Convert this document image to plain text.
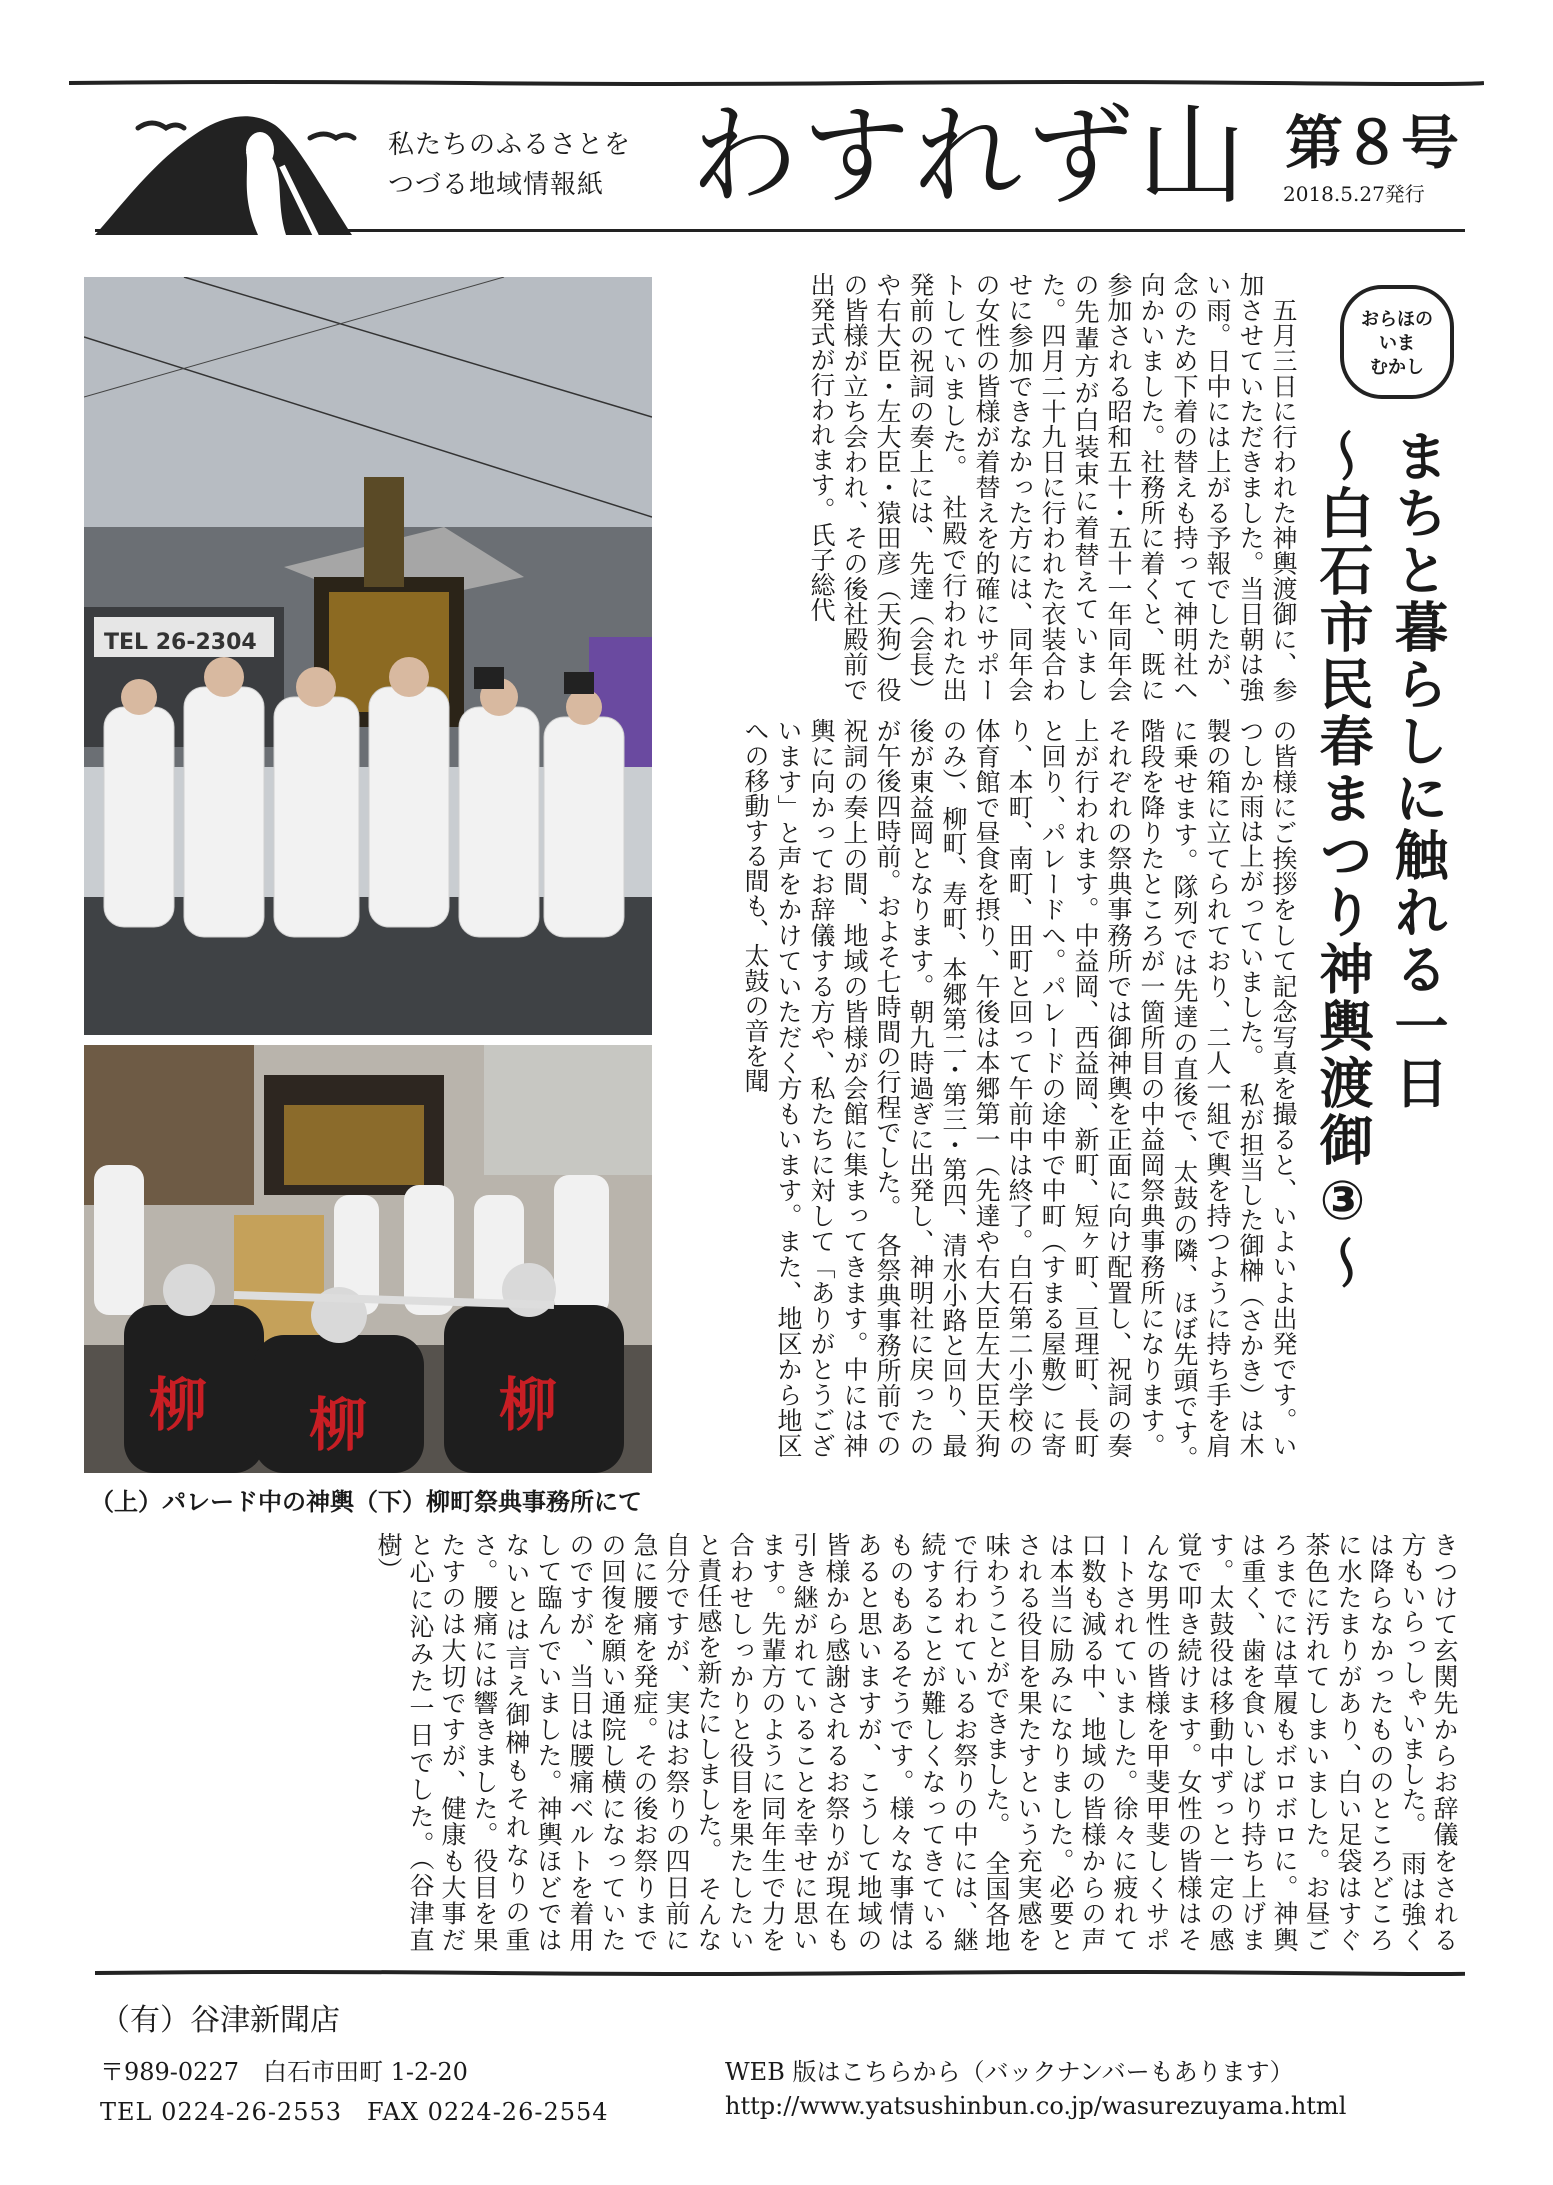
私たちのふるさとを
つづる地域情報紙 わすれず山 第８号
2018.5.27発行
TEL 26-2304
柳 柳 柳
（上）パレード中の神輿（下）柳町祭典事務所にて
おらほの
いま
むかし
まちと暮らしに触れる一日
～白石市民春まつり神輿渡御③～
　五月三日に行われた神輿渡御に、参加させていただきました。当日朝は強い雨。日中には上がる予報でしたが、念のため下着の替えも持って神明社へ向かいました。社務所に着くと、既に参加される昭和五十・五十一年同年会の先輩方が白装束に着替えていました。四月二十九日に行われた衣装合わせに参加できなかった方には、同年会の女性の皆様が着替えを的確にサポートしていました。　社殿で行われた出発前の祝詞の奏上には、先達（会長）や右大臣・左大臣・猿田彦（天狗）役の皆様が立ち会われ、その後社殿前で出発式が行われます。氏子総代
の皆様にご挨拶をして記念写真を撮ると、いよいよ出発です。いつしか雨は上がっていました。　私が担当した御榊（さかき）は木製の箱に立てられており、二人一組で輿を持つように持ち手を肩に乗せます。隊列では先達の直後で、太鼓の隣、ほぼ先頭です。　階段を降りたところが一箇所目の中益岡祭典事務所になります。それぞれの祭典事務所では御神輿を正面に向け配置し、祝詞の奏上が行われます。中益岡、西益岡、新町、短ヶ町、亘理町、長町と回り、パレードへ。パレードの途中で中町（すまる屋敷）に寄り、本町、南町、田町と回って午前中は終了。白石第二小学校の体育館で昼食を摂り、午後は本郷第一（先達や右大臣左大臣天狗のみ）、柳町、寿町、本郷第二・第三・第四、清水小路と回り、最後が東益岡となります。朝九時過ぎに出発し、神明社に戻ったのが午後四時前。およそ七時間の行程でした。　各祭典事務所前での祝詞の奏上の間、地域の皆様が会館に集まってきます。中には神輿に向かってお辞儀する方や、私たちに対して「ありがとうございます」と声をかけていただく方もいます。また、地区から地区への移動する間も、太鼓の音を聞
きつけて玄関先からお辞儀をされる方もいらっしゃいました。　雨は強くは降らなかったもののところどころに水たまりがあり、白い足袋はすぐ茶色に汚れてしまいました。お昼ごろまでには草履もボロボロに。神輿は重く、歯を食いしばり持ち上げます。太鼓役は移動中ずっと一定の感覚で叩き続けます。女性の皆様はそんな男性の皆様を甲斐甲斐しくサポートされていました。徐々に疲れて口数も減る中、地域の皆様からの声は本当に励みになりました。必要とされる役目を果たすという充実感を味わうことができました。　全国各地で行われているお祭りの中には、継続することが難しくなってきているものもあるそうです。様々な事情はあると思いますが、こうして地域の皆様から感謝されるお祭りが現在も引き継がれていることを幸せに思います。先輩方のように同年生で力を合わせしっかりと役目を果たしたいと責任感を新たにしました。　そんな自分ですが、実はお祭りの四日前に急に腰痛を発症。その後お祭りまでの回復を願い通院し横になっていたのですが、当日は腰痛ベルトを着用して臨んでいました。神輿ほどではないとは言え御榊もそれなりの重さ。腰痛には響きました。役目を果たすのは大切ですが、健康も大事だと心に沁みた一日でした。（谷津直樹）
（有）谷津新聞店
〒989-0227　白石市田町 1-2-20
TEL 0224-26-2553　FAX 0224-26-2554
WEB 版はこちらから（バックナンバーもあります）
http://www.yatsushinbun.co.jp/wasurezuyama.html
